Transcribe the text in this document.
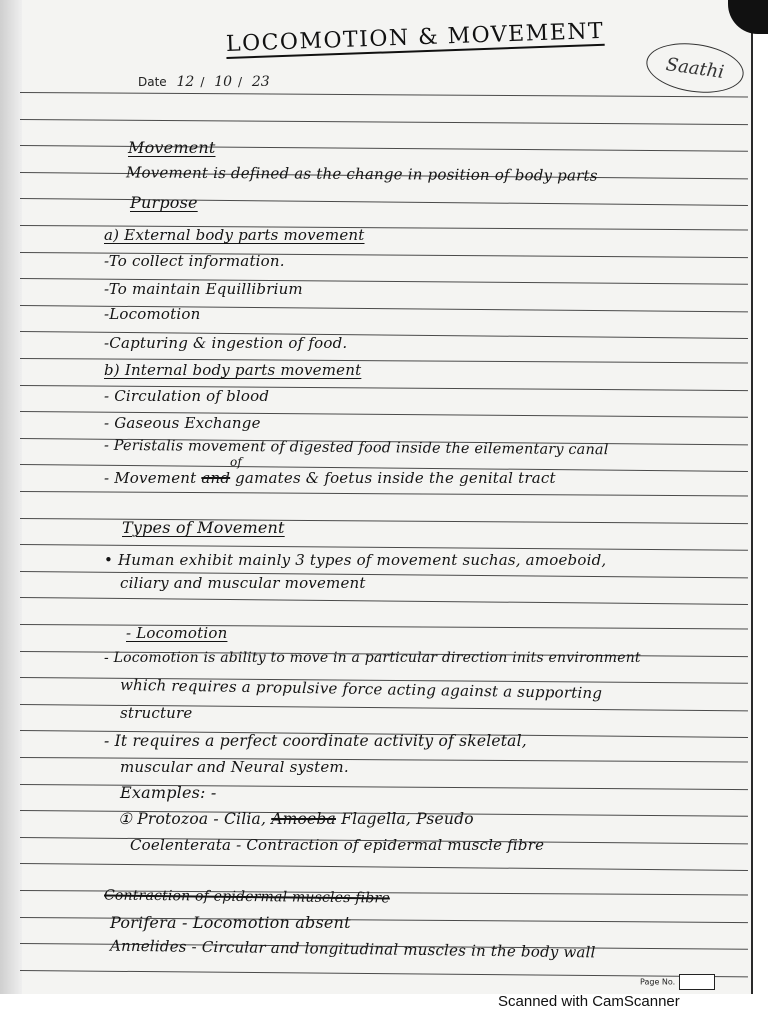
LOCOMOTION & MOVEMENT
Date 12 / 10 / 23	Saathi
Movement
Movement is defined as the change in position of body parts
Purpose
a) External body parts movement
-To collect information.
-To maintain Equillibrium
-Locomotion
-Capturing & ingestion of food.
b) Internal body parts movement
- Circulation of blood
- Gaseous Exchange
- Peristalis movement of digested food inside the eilementary canal
of
- Movement and gamates & foetus inside the genital tract
Types of Movement
• Human exhibit mainly 3 types of movement suchas, amoeboid,
ciliary and muscular movement
- Locomotion
- Locomotion is ability to move in a particular direction inits environment
which requires a propulsive force acting against a supporting
structure
- It requires a perfect coordinate activity of skeletal,
muscular and Neural system.
Examples: -
① Protozoa - Cilia, Amoeba Flagella, Pseudo
Coelenterata - Contraction of epidermal muscle fibre
Contraction of epidermal muscles fibre
Porifera - Locomotion absent
Annelides - Circular and longitudinal muscles in the body wall
Page No.
Scanned with CamScanner
